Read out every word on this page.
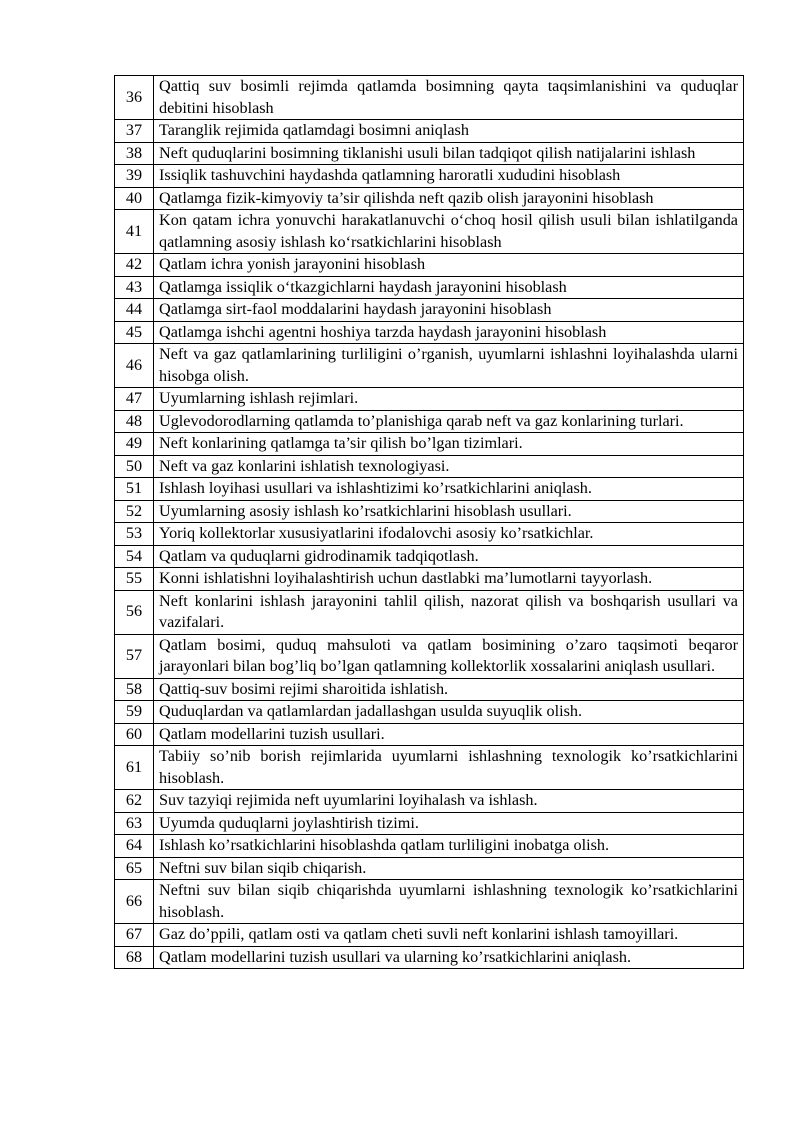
36	Qattiq suv bosimli rejimda qatlamda bosimning qayta taqsimlanishini va quduqlar debitini hisoblash
37	Taranglik rejimida qatlamdagi bosimni aniqlash
38	Neft quduqlarini bosimning tiklanishi usuli bilan tadqiqot qilish natijalarini ishlash
39	Issiqlik tashuvchini haydashda qatlamning haroratli xududini hisoblash
40	Qatlamga fizik-kimyoviy ta’sir qilishda neft qazib olish jarayonini hisoblash
41	Kon qatam ichra yonuvchi harakatlanuvchi o‘choq hosil qilish usuli bilan ishlatilganda qatlamning asosiy ishlash ko‘rsatkichlarini hisoblash
42	Qatlam ichra yonish jarayonini hisoblash
43	Qatlamga issiqlik o‘tkazgichlarni haydash jarayonini hisoblash
44	Qatlamga sirt-faol moddalarini haydash jarayonini hisoblash
45	Qatlamga ishchi agentni hoshiya tarzda haydash jarayonini hisoblash
46	Neft va gaz qatlamlarining turliligini o’rganish, uyumlarni ishlashni loyihalashda ularni hisobga olish.
47	Uyumlarning ishlash rejimlari.
48	Uglevodorodlarning qatlamda to’planishiga qarab neft va gaz konlarining turlari.
49	Neft konlarining qatlamga ta’sir qilish bo’lgan tizimlari.
50	Neft va gaz konlarini ishlatish texnologiyasi.
51	Ishlash loyihasi usullari va ishlashtizimi ko’rsatkichlarini aniqlash.
52	Uyumlarning asosiy ishlash ko’rsatkichlarini hisoblash usullari.
53	Yoriq kollektorlar xususiyatlarini ifodalovchi asosiy ko’rsatkichlar.
54	Qatlam va quduqlarni gidrodinamik tadqiqotlash.
55	Konni ishlatishni loyihalashtirish uchun dastlabki ma’lumotlarni tayyorlash.
56	Neft konlarini ishlash jarayonini tahlil qilish, nazorat qilish va boshqarish usullari va vazifalari.
57	Qatlam bosimi, quduq mahsuloti va qatlam bosimining o’zaro taqsimoti beqaror jarayonlari bilan bog’liq bo’lgan qatlamning kollektorlik xossalarini aniqlash usullari.
58	Qattiq-suv bosimi rejimi sharoitida ishlatish.
59	Quduqlardan va qatlamlardan jadallashgan usulda suyuqlik olish.
60	Qatlam modellarini tuzish usullari.
61	Tabiiy so’nib borish rejimlarida uyumlarni ishlashning texnologik ko’rsatkichlarini hisoblash.
62	Suv tazyiqi rejimida neft uyumlarini loyihalash va ishlash.
63	Uyumda quduqlarni joylashtirish tizimi.
64	Ishlash ko’rsatkichlarini hisoblashda qatlam turliligini inobatga olish.
65	Neftni suv bilan siqib chiqarish.
66	Neftni suv bilan siqib chiqarishda uyumlarni ishlashning texnologik ko’rsatkichlarini hisoblash.
67	Gaz do’ppili, qatlam osti va qatlam cheti suvli neft konlarini ishlash tamoyillari.
68	Qatlam modellarini tuzish usullari va ularning ko’rsatkichlarini aniqlash.
